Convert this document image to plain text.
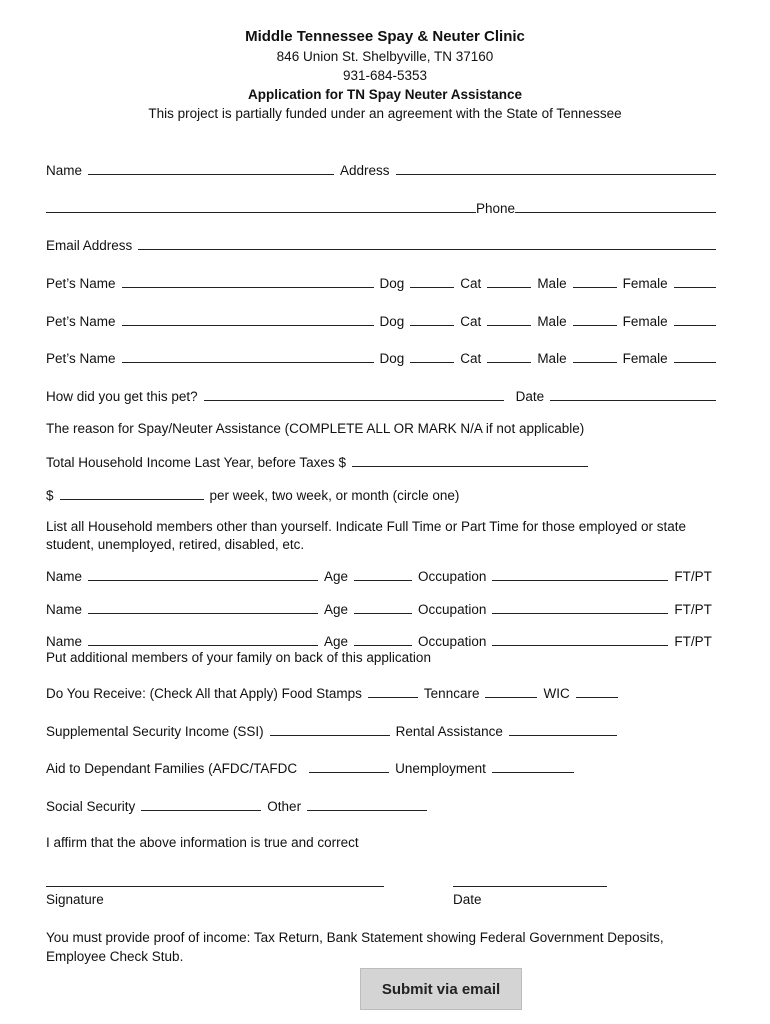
Middle Tennessee Spay & Neuter Clinic
846 Union St. Shelbyville, TN 37160
931-684-5353
Application for TN Spay Neuter Assistance
This project is partially funded under an agreement with the State of Tennessee
Name	Address
Phone
Email Address
Pet’s Name	Dog	Cat	Male	Female
Pet’s Name	Dog	Cat	Male	Female
Pet’s Name	Dog	Cat	Male	Female
How did you get this pet?	Date
The reason for Spay/Neuter Assistance (COMPLETE ALL OR MARK N/A if not applicable)
Total Household Income Last Year, before Taxes $
$	per week, two week, or month (circle one)
List all Household members other than yourself. Indicate Full Time or Part Time for those employed or state student, unemployed, retired, disabled, etc.
Name	Age	Occupation	FT/PT
Name	Age	Occupation	FT/PT
Name	Age	Occupation	FT/PT
Put additional members of your family on back of this application
Do You Receive: (Check All that Apply) Food Stamps	Tenncare	WIC
Supplemental Security Income (SSI)	Rental Assistance
Aid to Dependant Families (AFDC/TAFDC	Unemployment
Social Security	Other
I affirm that the above information is true and correct
Signature	Date
You must provide proof of income: Tax Return, Bank Statement showing Federal Government Deposits, Employee Check Stub.
Submit via email
